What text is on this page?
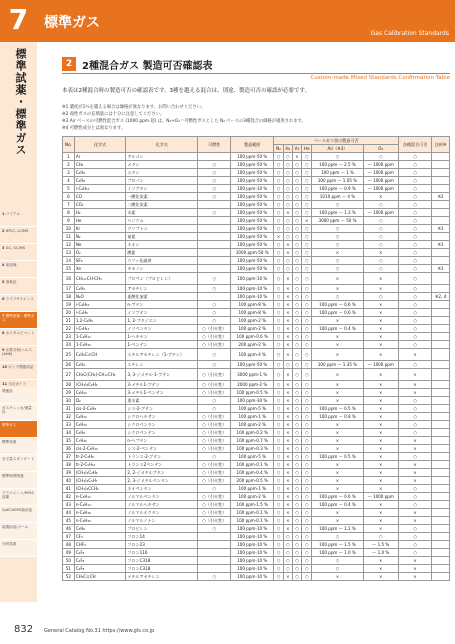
7	標準ガス
Gas Calibration Standards
標準試薬・標準ガス
1 バイアル
2 HPLC, LC/MS
3 GC, GC/MS
4 前処理
5 消耗品
6 ライフサイエンス
7 標準試薬・標準ガス
8 カスタムピペット
9 水質分析/ヘルス(AHK)
10 ポンプ関連部品
11 当社ガイド
関連品
ガスチェッカ/流量計
標準ガス
標準試薬
分子量スタンダード
標準物質関連
グラジエント/HPLC溶媒
QuEChERS抽出塩
装置用品/ツール
分析試薬
2 2種混合ガス 製造可否確認表
Custom-made Mixed Standards Confirmation Table
本表は2種混合時の製造可否の確認表です。3種を越える混合は、別途、製造可否の確認が必要です。
※1 濃度が1％を越える場合は価格が異なります。お問い合わせください。
※2 毒性ガスの充填量には十分に注意してください。
※3 Air ベースの可燃性混合ガス (1000 ppm 超) は、N₂+O₂＝可燃性ガスとした N₂ ベースの3種混合の価格が適用されます。
※4 可燃性成分とは異なります。
No.	化学式	化学名	可燃性	製造範囲	ベースガス別の製造可否						各種混合可否	注釈※
					N₂	H₂	Ar	He	Air（※3）	O₂		
1	Ar	アルゴン		100 ppm-50 %	○	○	×	○	○	○	○	
2	CH₄	メタン	○	100 ppm-50 %	○	○	○	○	100 ppm ～ 2.5 %	～ 1000 ppm	○	
3	C₂H₆	エタン	○	100 ppm-50 %	○	○	○	○	100 ppm ～ 1 %	～ 1000 ppm	○	
4	C₃H₈	プロパン	○	100 ppm-50 %	○	○	○	○	100 ppm ～ 1.05 %	～ 1000 ppm	○	
5	i-C₄H₁₀	イソブタン	○	100 ppm-10 %	○	○	○	○	100 ppm ～ 0.9 %	～ 1000 ppm	○	
6	CO	一酸化炭素	○	100 ppm-50 %	○	○	○	○	1010 ppm ～ 4 %	×	○	※2
7	CO₂	二酸化炭素		100 ppm-50 %	○	○	○	○	○	○	○	
8	H₂	水素	○	100 ppm-50 %	○	×	○	○	100 ppm ～ 1.3 %	～ 1000 ppm	○	
9	He	ヘリウム		100 ppm-50 %	○	○	○	×	3000 ppm ～ 50 %	○	○	
10	Kr	クリプトン		100 ppm-50 %	○	○	○	○	○	○	○	※1
11	N₂	窒素		100 ppm-50 %	×	○	○	○	○	○	○	
12	Ne	ネオン		100 ppm-50 %	○	×	○	○	○	○	○	※1
13	O₂	酸素		1000 ppm-50 %	○	×	○	○	×	×	○	
14	SF₆	六フッ化硫黄		100 ppm-50 %	○	○	○	○	○	○	○	
15	Xe	キセノン		100 ppm-50 %	○	○	○	○	○	○	○	※1
16	CH₂=CH-CH₃	プロペン（プロピレン）	○	100 ppm-10 %	○	×	○	○	×	×	○	
17	C₂H₂	アセチレン	○	100 ppm-10 %	○	×	○	○	×	×	○	
18	N₂O	亜酸化窒素		100 ppm-10 %	○	×	○	○	○	○	○	※2, 4
19	i-C₄H₁₀	n-ブタン	○	100 ppm-8 %	○	×	○	○	100 ppm ～ 0.6 %	×	○	
20	i-C₄H₈	イソブテン	○	100 ppm-8 %	○	×	○	○	100 ppm ～ 0.6 %	×	○	
21	1,2-C₄H₆	1, 2-ブタジエン	○	100 ppm-2 %	○	×	○	○	×	×	○	
22	i-C₅H₁₂	イソペンタン	○（引火性）	100 ppm-2 %	○	×	○	○	100 ppm ～ 0.4 %	×	○	
23	1-C₆H₁₂	1-ヘキセン	○（引火性）	100 ppm-0.6 %	○	×	○	○	×	×	○	
24	1-C₅H₁₀	1-ペンテン	○（引火性）	200 ppm-2 %	○	×	○	○	×	×	○	
25	C₂H₅C≡CH	エチルアセチレン（1-ブチン）	○	100 ppm-4 %	○	×	○	○	×	×	×	
26	C₂H₄	エチレン	○	100 ppm-50 %	○	○	○	○	100 ppm ～ 1.35 %	～ 1000 ppm	○	
27	CH₂C(CH₃)-CH=CH₂	3, 3-ジメチル-1-ブテン	○（引火性）	3000 ppm-1 %	○	×	○	○	×	×	×	
28	(CH₃)₂C₆H₄	3-メチル1-ブテン	○（引火性）	2000 ppm-2 %	○	×	○	○	×	×	×	
29	C₆H₁₂	3-メチル1-ペンテン	○（引火性）	100 ppm-0.5 %	○	×	○	○	×	×	×	
30	D₂	重水素	○	100 ppm-30 %	○	×	○	○	×	×	○	
31	cis-2-C₄H₈	シス-2-ブテン	○	100 ppm-5 %	○	×	○	○	100 ppm ～ 0.5 %	×	○	
32	C₆H₁₂	シクロヘキサン	○（引火性）	100 ppm-1 %	○	×	○	○	100 ppm ～ 0.8 %	×	○	
33	C₅H₁₀	シクロペンタン	○（引火性）	100 ppm-2 %	○	×	○	○	×	×	○	
34	C₅H₈	シクロペンテン	○（引火性）	100 ppm-0.2 %	○	×	○	○	×	×	○	
35	C₇H₁₆	n-ヘプタン	○（引火性）	100 ppm-0.7 %	○	×	○	○	×	×	×	
36	cis-2-C₅H₁₀	シス-2-ペンテン	○（引火性）	100 ppm-0.3 %	○	×	○	○	×	×	×	
37	tr-2-C₄H₈	トランス-2-ブテン	○	100 ppm-5 %	○	×	○	○	100 ppm ～ 0.5 %	×	○	
38	tr-2-C₅H₁₀	トランス2ペンテン	○（引火性）	100 ppm-0.1 %	○	×	○	○	×	×	×	
39	(CH₃)₂C₄H₆	2, 2-ジメチルブタン	○（引火性）	100 ppm-0.4 %	○	×	○	○	×	×	×	
40	(CH₃)₂C₅H₇	2, 3-ジメチルペンタン	○（引火性）	200 ppm-0.5 %	○	×	○	○	×	×	×	
41	(CH₃)₂CCH₂	ネオペンタン	○	100 ppm-1 %	○	×	○	○	×	×	○	
42	n-C₅H₁₂	ノルマルペンタン	○（引火性）	100 ppm-2 %	○	×	○	○	100 ppm ～ 0.6 %	～ 1000 ppm	○	
43	n-C₆H₁₄	ノルマルヘキサン	○（引火性）	100 ppm-1.5 %	○	×	○	○	100 ppm ～ 0.4 %	×	○	
44	n-C₈H₁₈	ノルマルオクタン	○（引火性）	100 ppm-0.1 %	○	×	○	○	×	×	×	
45	n-C₉H₂₀	ノルマルノナン	○（引火性）	100 ppm-0.1 %	○	×	○	○	×	×	×	
46	C₃H₆	プロピレン	○	100 ppm-10 %	○	×	○	○	100 ppm ～ 1.2 %	×	○	
47	CF₄	フロン14		100 ppm-10 %	○	○	○	○	○	○	○	
48	CHF₃	フロン23		100 ppm-10 %	○	○	○	○	100 ppm ～ 1.5 %	～ 1.5 %	○	
49	C₂F₆	フロン116		100 ppm-10 %	○	○	○	○	100 ppm ～ 1.0 %	～ 1.0 %	○	
50	C₄F₈	フロンC318		100 ppm-10 %	○	○	○	○	○	×	×	
51	C₄F₈	フロンC318		100 ppm-10 %	○	○	○	○	○	×	×	
52	CH₃C≡CH	メチルアセチレン	○	100 ppm-10 %	○	×	○	○	×	×	×	
832 General Catalog No.31 https://www.gls.co.jp
